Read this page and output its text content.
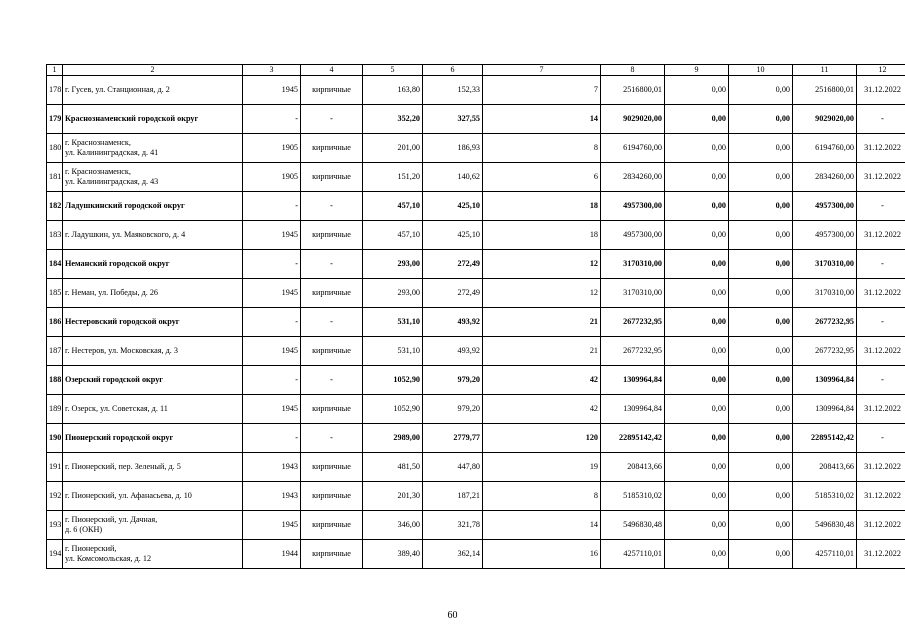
1	2	3	4	5	6	7	8	9	10	11	12
178	г. Гусев, ул. Станционная, д. 2	1945	кирпичные	163,80	152,33	7	2516800,01	0,00	0,00	2516800,01	31.12.2022
179	Краснознаменский городской округ	-	-	352,20	327,55	14	9029020,00	0,00	0,00	9029020,00	-
180	г. Краснознаменск,
ул. Калининградская, д. 41	1905	кирпичные	201,00	186,93	8	6194760,00	0,00	0,00	6194760,00	31.12.2022
181	г. Краснознаменск,
ул. Калининградская, д. 43	1905	кирпичные	151,20	140,62	6	2834260,00	0,00	0,00	2834260,00	31.12.2022
182	Ладушкинский городской округ	-	-	457,10	425,10	18	4957300,00	0,00	0,00	4957300,00	-
183	г. Ладушкин, ул. Маяковского, д. 4	1945	кирпичные	457,10	425,10	18	4957300,00	0,00	0,00	4957300,00	31.12.2022
184	Неманский городской округ	-	-	293,00	272,49	12	3170310,00	0,00	0,00	3170310,00	-
185	г. Неман, ул. Победы, д. 26	1945	кирпичные	293,00	272,49	12	3170310,00	0,00	0,00	3170310,00	31.12.2022
186	Нестеровский городской округ	-	-	531,10	493,92	21	2677232,95	0,00	0,00	2677232,95	-
187	г. Нестеров, ул. Московская, д. 3	1945	кирпичные	531,10	493,92	21	2677232,95	0,00	0,00	2677232,95	31.12.2022
188	Озерский городской округ	-	-	1052,90	979,20	42	1309964,84	0,00	0,00	1309964,84	-
189	г. Озерск, ул. Советская, д. 11	1945	кирпичные	1052,90	979,20	42	1309964,84	0,00	0,00	1309964,84	31.12.2022
190	Пионерский городской округ	-	-	2989,00	2779,77	120	22895142,42	0,00	0,00	22895142,42	-
191	г. Пионерский, пер. Зеленый, д. 5	1943	кирпичные	481,50	447,80	19	208413,66	0,00	0,00	208413,66	31.12.2022
192	г. Пионерский, ул. Афанасьева, д. 10	1943	кирпичные	201,30	187,21	8	5185310,02	0,00	0,00	5185310,02	31.12.2022
193	г. Пионерский, ул. Дачная,
д. 6 (ОКН)	1945	кирпичные	346,00	321,78	14	5496830,48	0,00	0,00	5496830,48	31.12.2022
194	г. Пионерский,
ул. Комсомольская, д. 12	1944	кирпичные	389,40	362,14	16	4257110,01	0,00	0,00	4257110,01	31.12.2022
60
